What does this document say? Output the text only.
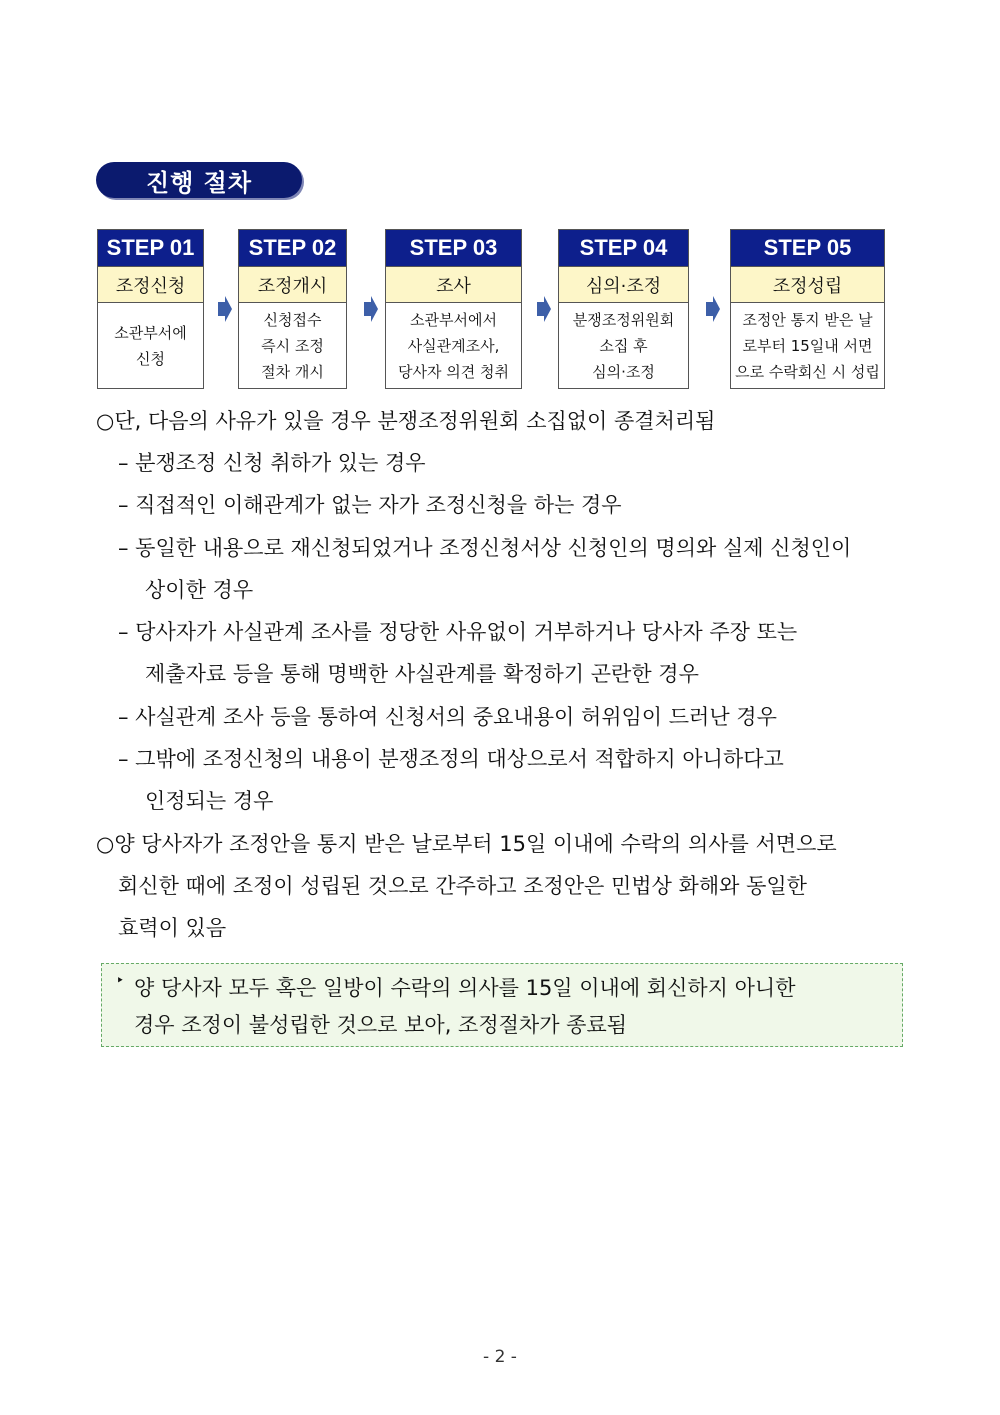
진행 절차
STEP 01
조정신청
소관부서에
신청
STEP 02
조정개시
신청접수
즉시 조정
절차 개시
STEP 03
조사
소관부서에서
사실관계조사,
당사자 의견 청취
STEP 04
심의·조정
분쟁조정위원회
소집 후
심의·조정
STEP 05
조정성립
조정안 통지 받은 날
로부터 15일내 서면
으로 수락회신 시 성립
○단, 다음의 사유가 있을 경우 분쟁조정위원회 소집없이 종결처리됨
– 분쟁조정 신청 취하가 있는 경우
– 직접적인 이해관계가 없는 자가 조정신청을 하는 경우
– 동일한 내용으로 재신청되었거나 조정신청서상 신청인의 명의와 실제 신청인이
상이한 경우
– 당사자가 사실관계 조사를 정당한 사유없이 거부하거나 당사자 주장 또는
제출자료 등을 통해 명백한 사실관계를 확정하기 곤란한 경우
– 사실관계 조사 등을 통하여 신청서의 중요내용이 허위임이 드러난 경우
– 그밖에 조정신청의 내용이 분쟁조정의 대상으로서 적합하지 아니하다고
인정되는 경우
○양 당사자가 조정안을 통지 받은 날로부터 15일 이내에 수락의 의사를 서면으로
회신한 때에 조정이 성립된 것으로 간주하고 조정안은 민법상 화해와 동일한
효력이 있음
‣ 양 당사자 모두 혹은 일방이 수락의 의사를 15일 이내에 회신하지 아니한
경우 조정이 불성립한 것으로 보아, 조정절차가 종료됨
- 2 -
